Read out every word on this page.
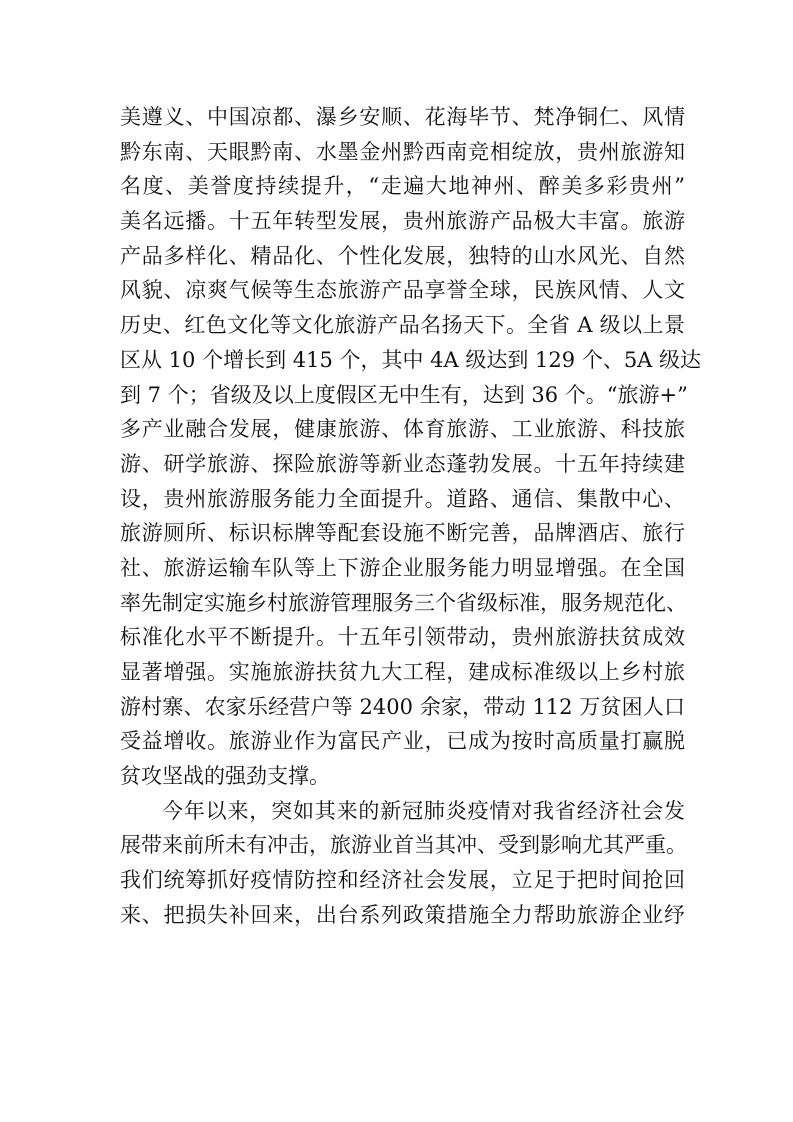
美遵义、中国凉都、瀑乡安顺、花海毕节、梵净铜仁、风情
黔东南、天眼黔南、水墨金州黔西南竞相绽放，贵州旅游知
名度、美誉度持续提升，“走遍大地神州、醉美多彩贵州”
美名远播。十五年转型发展，贵州旅游产品极大丰富。旅游
产品多样化、精品化、个性化发展，独特的山水风光、自然
风貌、凉爽气候等生态旅游产品享誉全球，民族风情、人文
历史、红色文化等文化旅游产品名扬天下。全省 A 级以上景
区从 10 个增长到 415 个，其中 4A 级达到 129 个、5A 级达
到 7 个；省级及以上度假区无中生有，达到 36 个。“旅游+”
多产业融合发展，健康旅游、体育旅游、工业旅游、科技旅
游、研学旅游、探险旅游等新业态蓬勃发展。十五年持续建
设，贵州旅游服务能力全面提升。道路、通信、集散中心、
旅游厕所、标识标牌等配套设施不断完善，品牌酒店、旅行
社、旅游运输车队等上下游企业服务能力明显增强。在全国
率先制定实施乡村旅游管理服务三个省级标准，服务规范化、
标准化水平不断提升。十五年引领带动，贵州旅游扶贫成效
显著增强。实施旅游扶贫九大工程，建成标准级以上乡村旅
游村寨、农家乐经营户等 2400 余家，带动 112 万贫困人口
受益增收。旅游业作为富民产业，已成为按时高质量打赢脱
贫攻坚战的强劲支撑。
今年以来，突如其来的新冠肺炎疫情对我省经济社会发
展带来前所未有冲击，旅游业首当其冲、受到影响尤其严重。
我们统筹抓好疫情防控和经济社会发展，立足于把时间抢回
来、把损失补回来，出台系列政策措施全力帮助旅游企业纾
